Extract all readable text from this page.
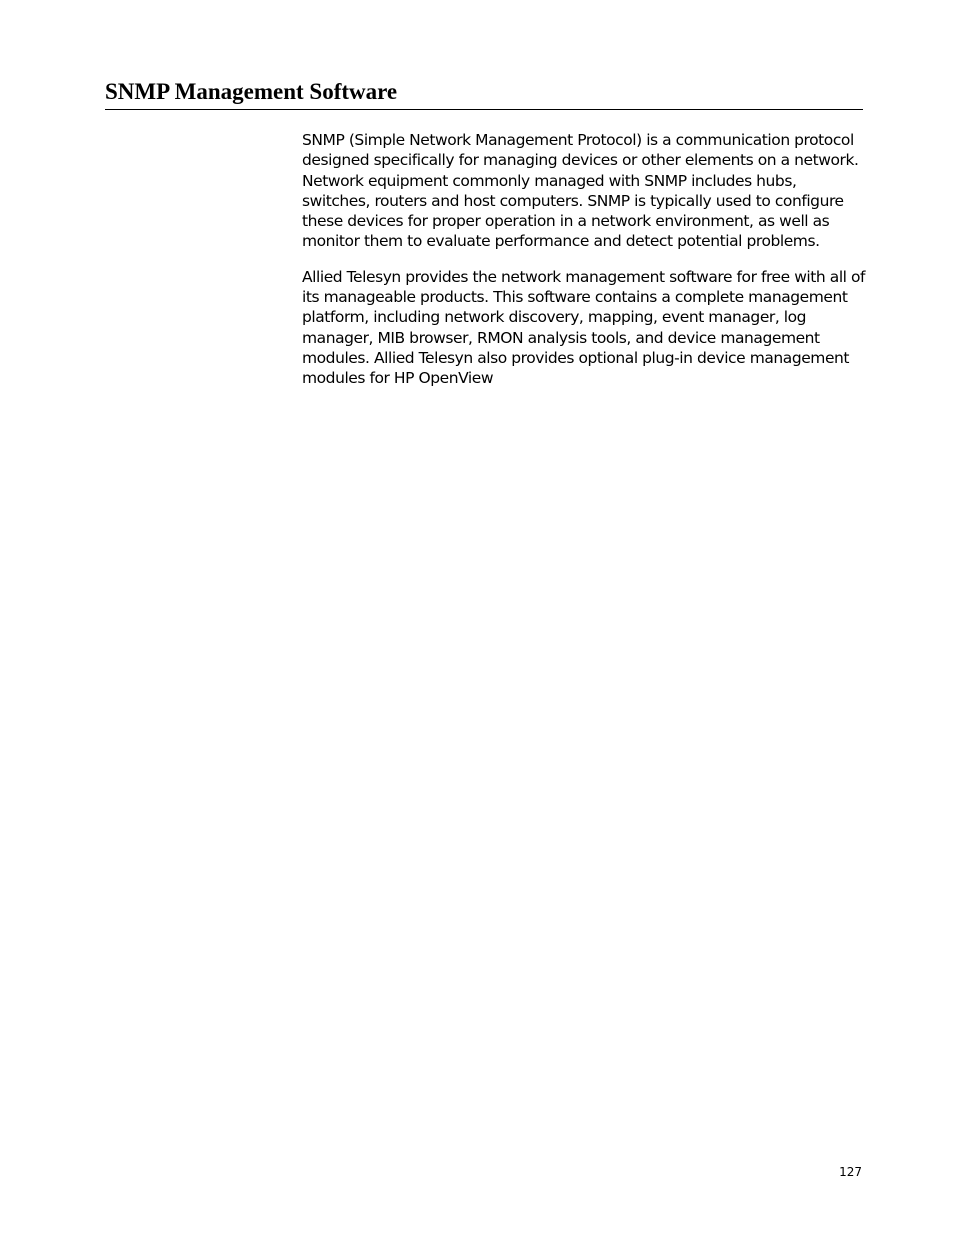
SNMP Management Software

SNMP (Simple Network Management Protocol) is a communication protocol designed specifically for managing devices or other elements on a network. Network equipment commonly managed with SNMP includes hubs, switches, routers and host computers. SNMP is typically used to configure these devices for proper operation in a network environment, as well as monitor them to evaluate performance and detect potential problems.

Allied Telesyn provides the network management software for free with all of its manageable products. This software contains a complete management platform, including network discovery, mapping, event manager, log manager, MIB browser, RMON analysis tools, and device management modules. Allied Telesyn also provides optional plug-in device management modules for HP OpenView

127
